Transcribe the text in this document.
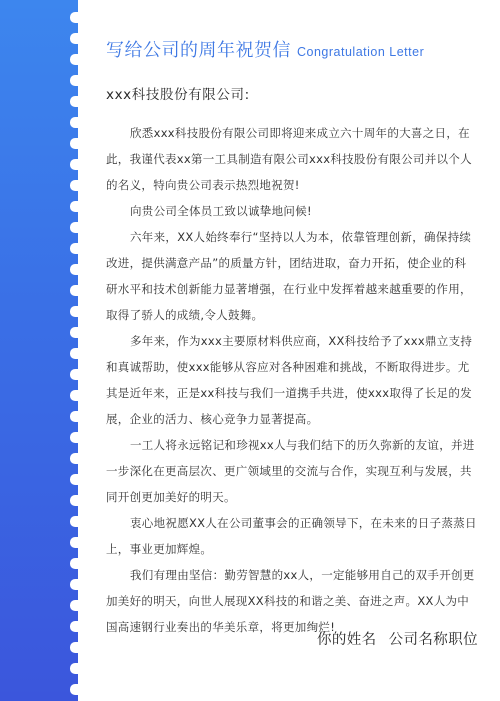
写给公司的周年祝贺信 Congratulation Letter
xxx科技股份有限公司:

欣悉xxx科技股份有限公司即将迎来成立六十周年的大喜之日，在此，我谨代表xx第一工具制造有限公司xxx科技股份有限公司并以个人的名义，特向贵公司表示热烈地祝贺!

向贵公司全体员工致以诚挚地问候!

六年来，XX人始终奉行“坚持以人为本，依靠管理创新，确保持续改进，提供满意产品”的质量方针，团结进取，奋力开拓，使企业的科研水平和技术创新能力显著增强，在行业中发挥着越来越重要的作用，取得了骄人的成绩,令人鼓舞。

多年来，作为xxx主要原材料供应商，XX科技给予了xxx鼎立支持和真诚帮助，使xxx能够从容应对各种困难和挑战，不断取得进步。尤其是近年来，正是xx科技与我们一道携手共进，使xxx取得了长足的发展，企业的活力、核心竞争力显著提高。

一工人将永远铭记和珍视xx人与我们结下的历久弥新的友谊，并进一步深化在更高层次、更广领域里的交流与合作，实现互利与发展，共同开创更加美好的明天。

衷心地祝愿XX人在公司董事会的正确领导下，在未来的日子蒸蒸日上，事业更加辉煌。

我们有理由坚信：勤劳智慧的xx人，一定能够用自己的双手开创更加美好的明天，向世人展现XX科技的和谐之美、奋进之声。XX人为中国高速钢行业奏出的华美乐章，将更加绚烂!

你的姓名 公司名称职位
